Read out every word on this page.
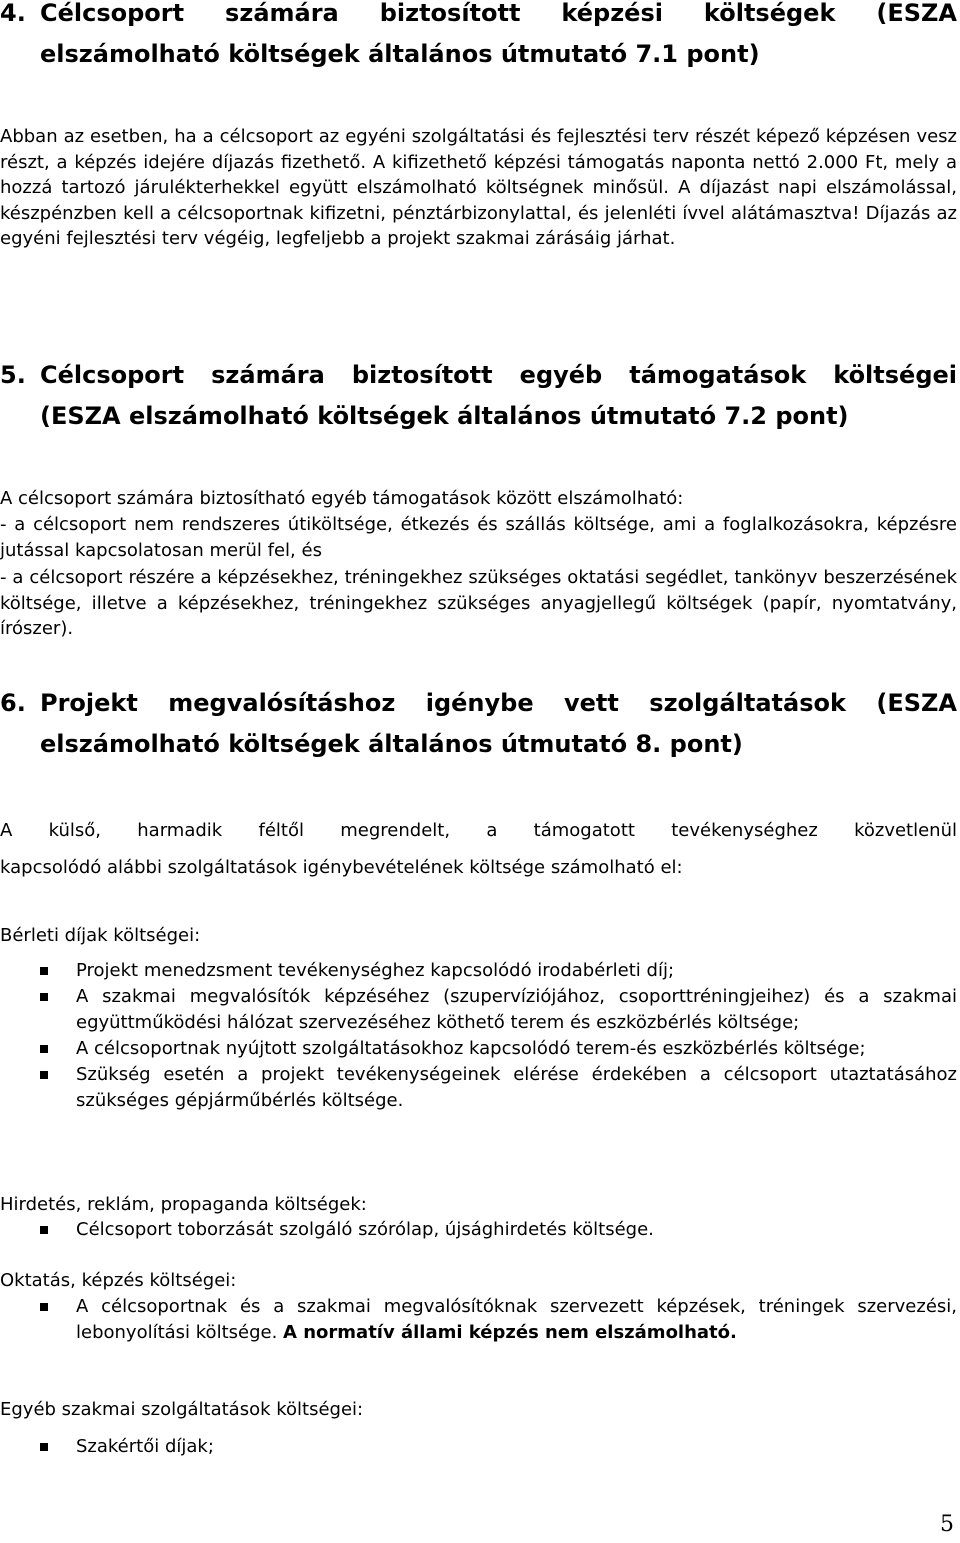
4. Célcsoport számára biztosított képzési költségek (ESZA
elszámolható költségek általános útmutató 7.1 pont)
Abban az esetben, ha a célcsoport az egyéni szolgáltatási és fejlesztési terv részét képező képzésen vesz részt, a képzés idejére díjazás fizethető. A kifizethető képzési támogatás naponta nettó 2.000 Ft, mely a hozzá tartozó járulékterhekkel együtt elszámolható költségnek minősül. A díjazást napi elszámolással, készpénzben kell a célcsoportnak kifizetni, pénztárbizonylattal, és jelenléti ívvel alátámasztva! Díjazás az egyéni fejlesztési terv végéig, legfeljebb a projekt szakmai zárásáig járhat.
5. Célcsoport számára biztosított egyéb támogatások költségei
(ESZA elszámolható költségek általános útmutató 7.2 pont)
A célcsoport számára biztosítható egyéb támogatások között elszámolható:
- a célcsoport nem rendszeres útiköltsége, étkezés és szállás költsége, ami a foglalkozásokra, képzésre jutással kapcsolatosan merül fel, és
- a célcsoport részére a képzésekhez, tréningekhez szükséges oktatási segédlet, tankönyv beszerzésének költsége, illetve a képzésekhez, tréningekhez szükséges anyagjellegű költségek (papír, nyomtatvány, írószer).
6. Projekt megvalósításhoz igénybe vett szolgáltatások (ESZA
elszámolható költségek általános útmutató 8. pont)
A külső, harmadik féltől megrendelt, a támogatott tevékenységhez közvetlenül
kapcsolódó alábbi szolgáltatások igénybevételének költsége számolható el:
Bérleti díjak költségei:
Projekt menedzsment tevékenységhez kapcsolódó irodabérleti díj;
A szakmai megvalósítók képzéséhez (szupervíziójához, csoporttréningjeihez) és a szakmai együttműködési hálózat szervezéséhez köthető terem és eszközbérlés költsége;
A célcsoportnak nyújtott szolgáltatásokhoz kapcsolódó terem-és eszközbérlés költsége;
Szükség esetén a projekt tevékenységeinek elérése érdekében a célcsoport utaztatásához szükséges gépjárműbérlés költsége.
Hirdetés, reklám, propaganda költségek:
Célcsoport toborzását szolgáló szórólap, újsághirdetés költsége.
Oktatás, képzés költségei:
A célcsoportnak és a szakmai megvalósítóknak szervezett képzések, tréningek szervezési, lebonyolítási költsége. A normatív állami képzés nem elszámolható.
Egyéb szakmai szolgáltatások költségei:
Szakértői díjak;
5
